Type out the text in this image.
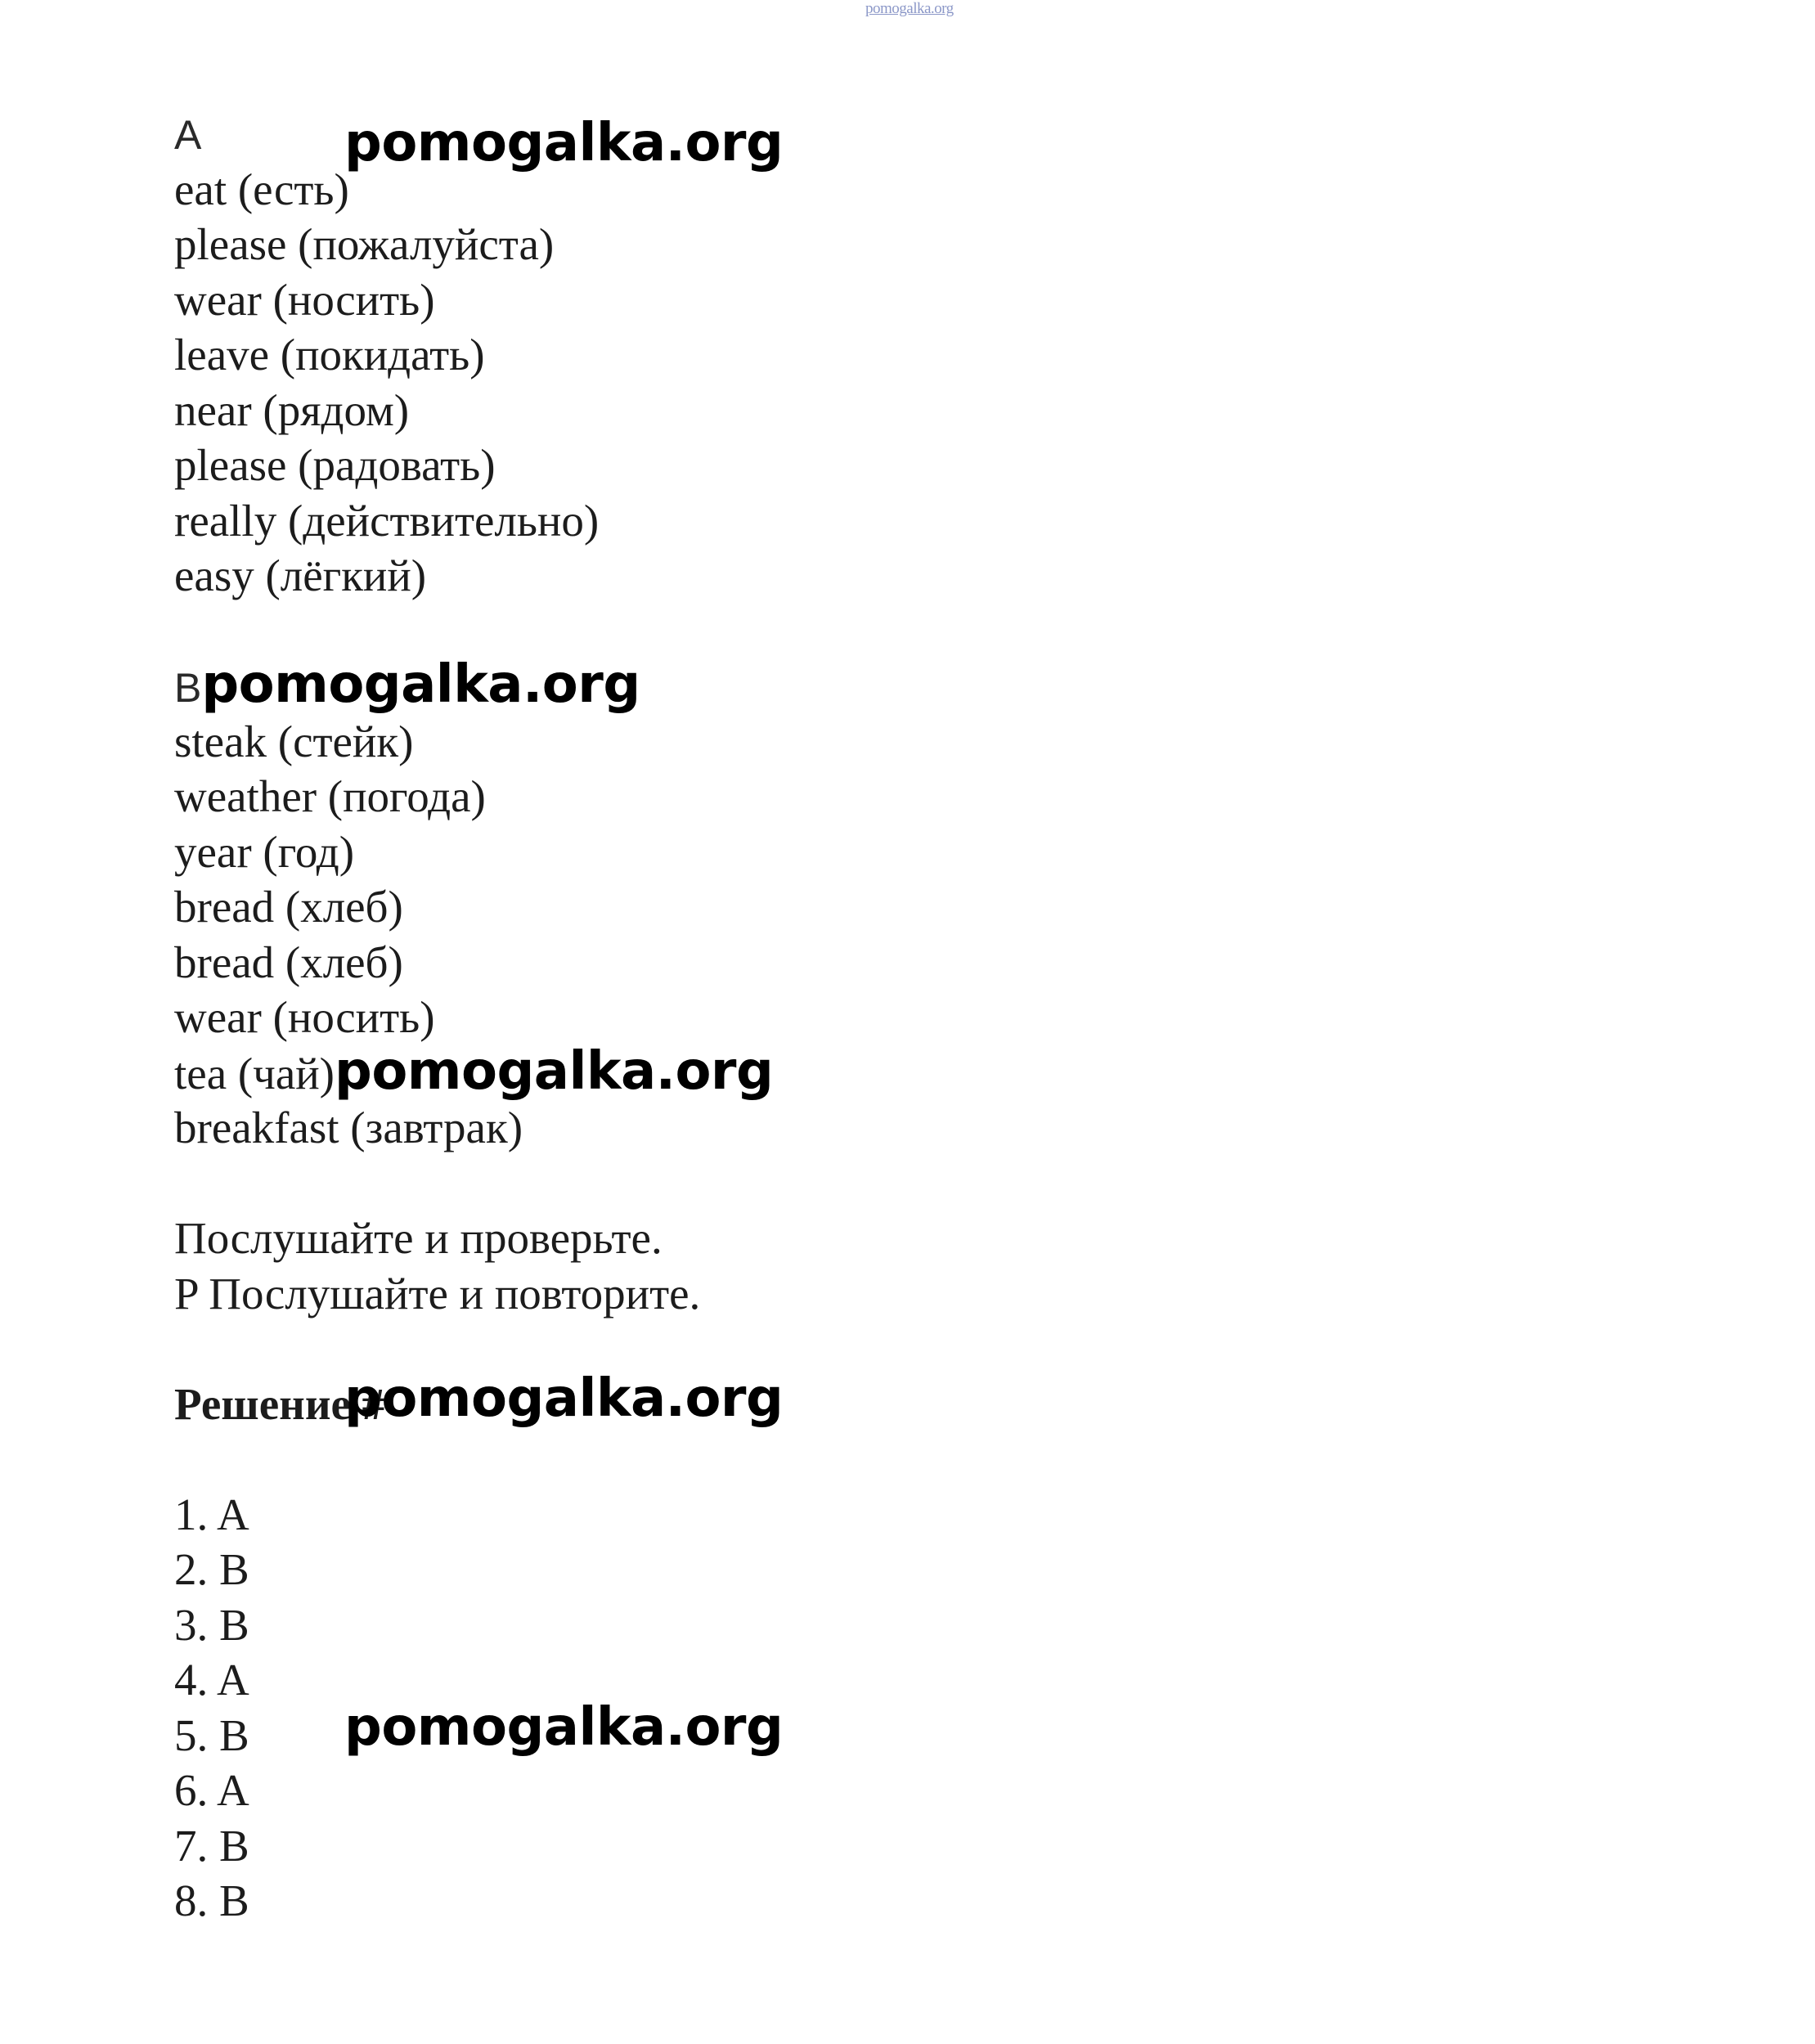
pomogalka.org
A
eat (есть)
please (пожалуйста)
wear (носить)
leave (покидать)
near (рядом)
please (радовать)
really (действительно)
easy (лёгкий)
Bpomogalka.org
steak (стейк)
weather (погода)
year (год)
bread (хлеб)
bread (хлеб)
wear (носить)
tea (чай)pomogalka.org
breakfast (завтрак)
Послушайте и проверьте.
P Послушайте и повторите.
Решение #
1. A
2. B
3. B
4. A
5. B
6. A
7. B
8. B
pomogalka.org
pomogalka.org
pomogalka.org
